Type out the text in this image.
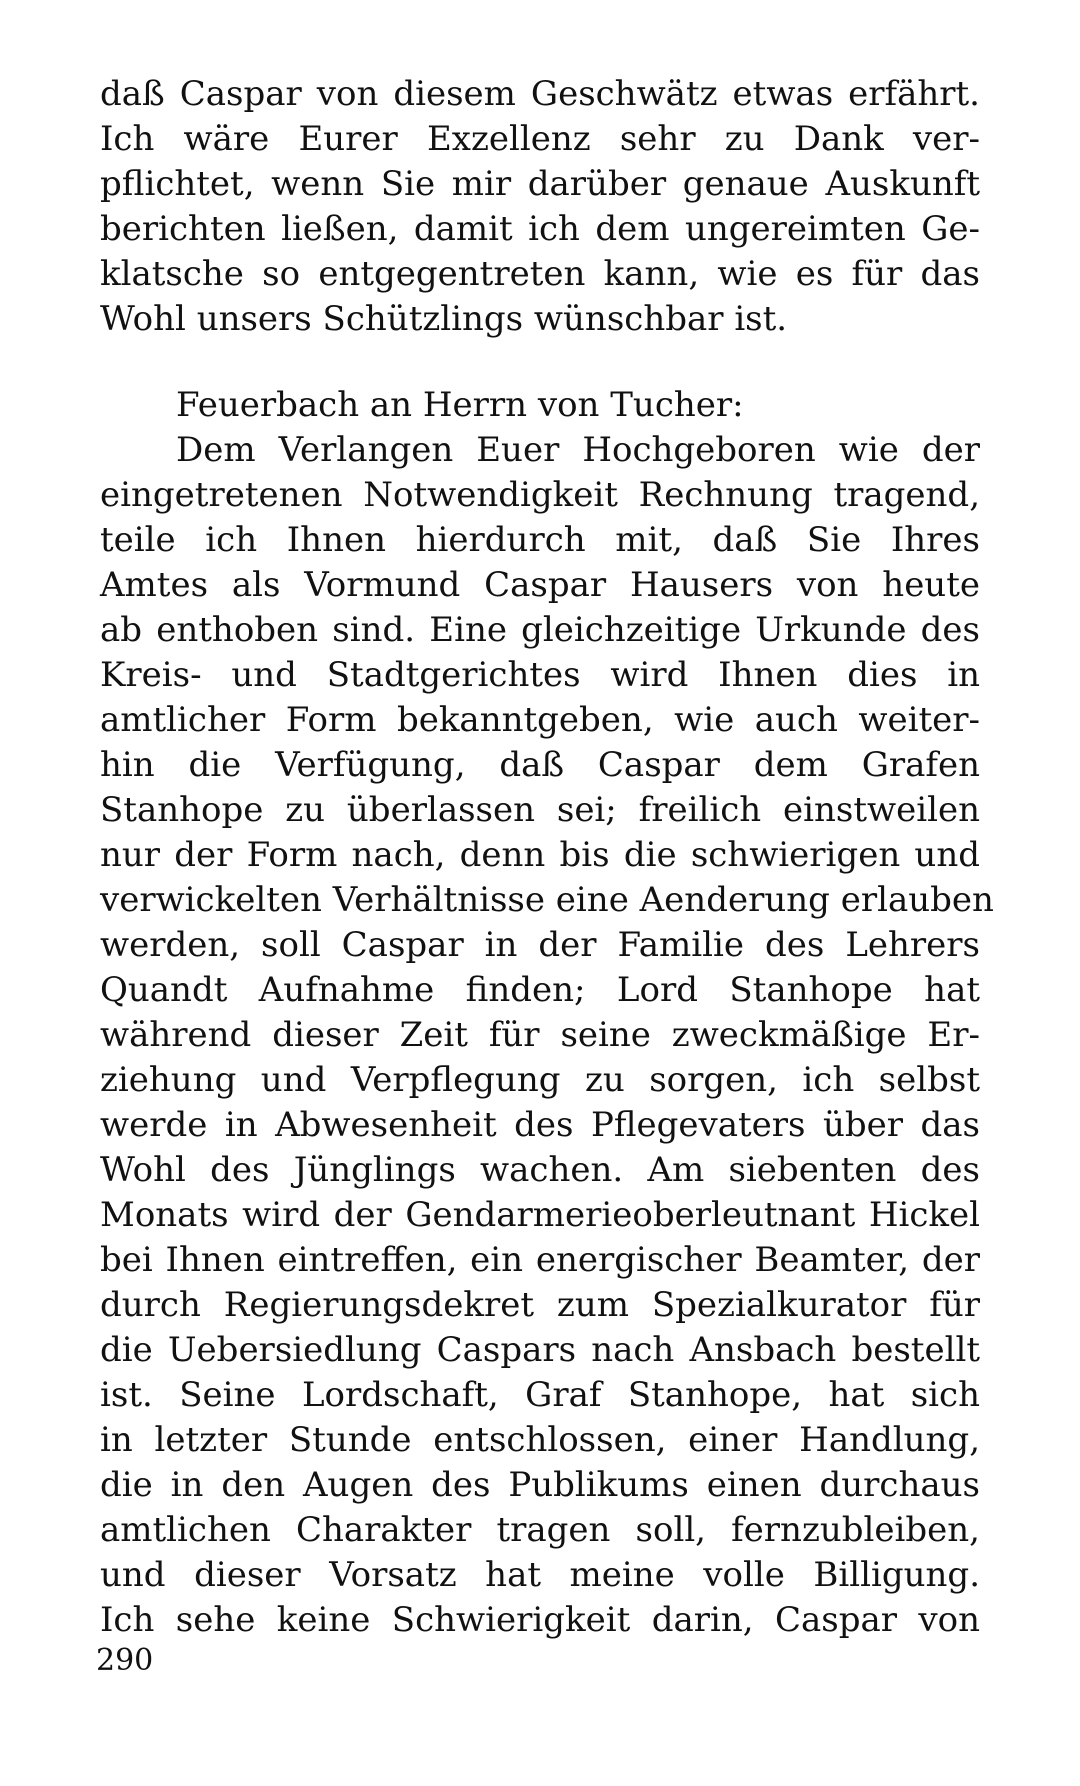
daß Caspar von diesem Geschwätz etwas erfährt.
Ich wäre Eurer Exzellenz sehr zu Dank ver-
pflichtet, wenn Sie mir darüber genaue Auskunft
berichten ließen, damit ich dem ungereimten Ge-
klatsche so entgegentreten kann, wie es für das
Wohl unsers Schützlings wünschbar ist.
Feuerbach an Herrn von Tucher:
Dem Verlangen Euer Hochgeboren wie der
eingetretenen Notwendigkeit Rechnung tragend,
teile ich Ihnen hierdurch mit, daß Sie Ihres
Amtes als Vormund Caspar Hausers von heute
ab enthoben sind. Eine gleichzeitige Urkunde des
Kreis- und Stadtgerichtes wird Ihnen dies in
amtlicher Form bekanntgeben, wie auch weiter-
hin die Verfügung, daß Caspar dem Grafen
Stanhope zu überlassen sei; freilich einstweilen
nur der Form nach, denn bis die schwierigen und
verwickelten Verhältnisse eine Aenderung erlauben
werden, soll Caspar in der Familie des Lehrers
Quandt Aufnahme finden; Lord Stanhope hat
während dieser Zeit für seine zweckmäßige Er-
ziehung und Verpflegung zu sorgen, ich selbst
werde in Abwesenheit des Pflegevaters über das
Wohl des Jünglings wachen. Am siebenten des
Monats wird der Gendarmerieoberleutnant Hickel
bei Ihnen eintreffen, ein energischer Beamter, der
durch Regierungsdekret zum Spezialkurator für
die Uebersiedlung Caspars nach Ansbach bestellt
ist. Seine Lordschaft, Graf Stanhope, hat sich
in letzter Stunde entschlossen, einer Handlung,
die in den Augen des Publikums einen durchaus
amtlichen Charakter tragen soll, fernzubleiben,
und dieser Vorsatz hat meine volle Billigung.
Ich sehe keine Schwierigkeit darin, Caspar von
290
